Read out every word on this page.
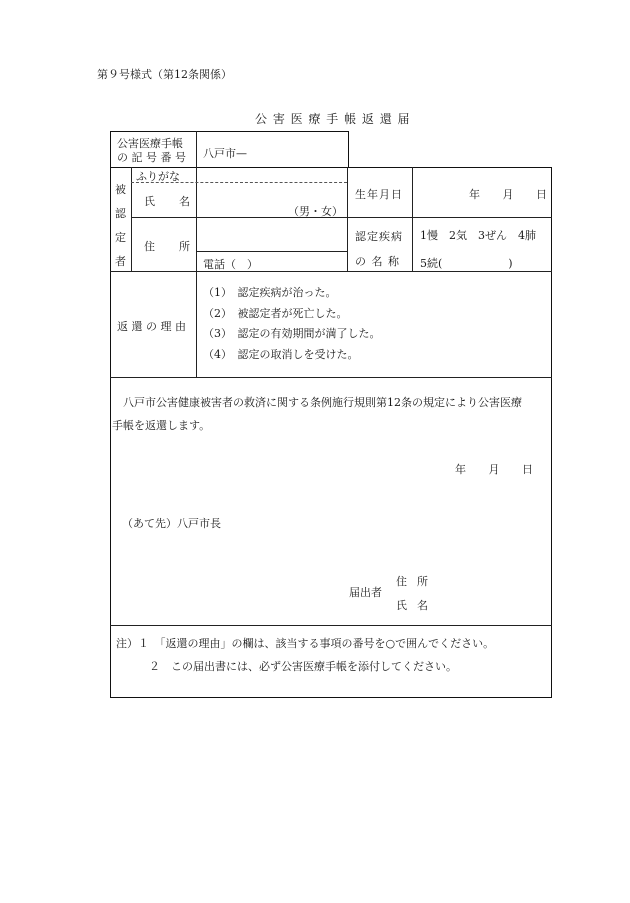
第９号様式（第12条関係）
公 害 医 療 手 帳 返 還 届
公害医療手帳
の 記 号 番 号 八戸市—
被
認
定
者
ふりがな
氏 名
（男・女）
住 所
電話（　）
生年月日	年 月 日
認定疾病
の 名 称
1慢　2気　3ぜん　4肺
5続(　　　　　　)
返 還 の 理 由
（1）　認定疾病が治った。
（2）　被認定者が死亡した。
（3）　認定の有効期間が満了した。
（4）　認定の取消しを受けた。
　八戸市公害健康被害者の救済に関する条例施行規則第12条の規定により公害医療
手帳を返還します。
年 月 日
（あて先）八戸市長
届出者
住 所
氏 名
注）１　「返還の理由」の欄は、該当する事項の番号を○で囲んでください。
　　　２　この届出書には、必ず公害医療手帳を添付してください。
